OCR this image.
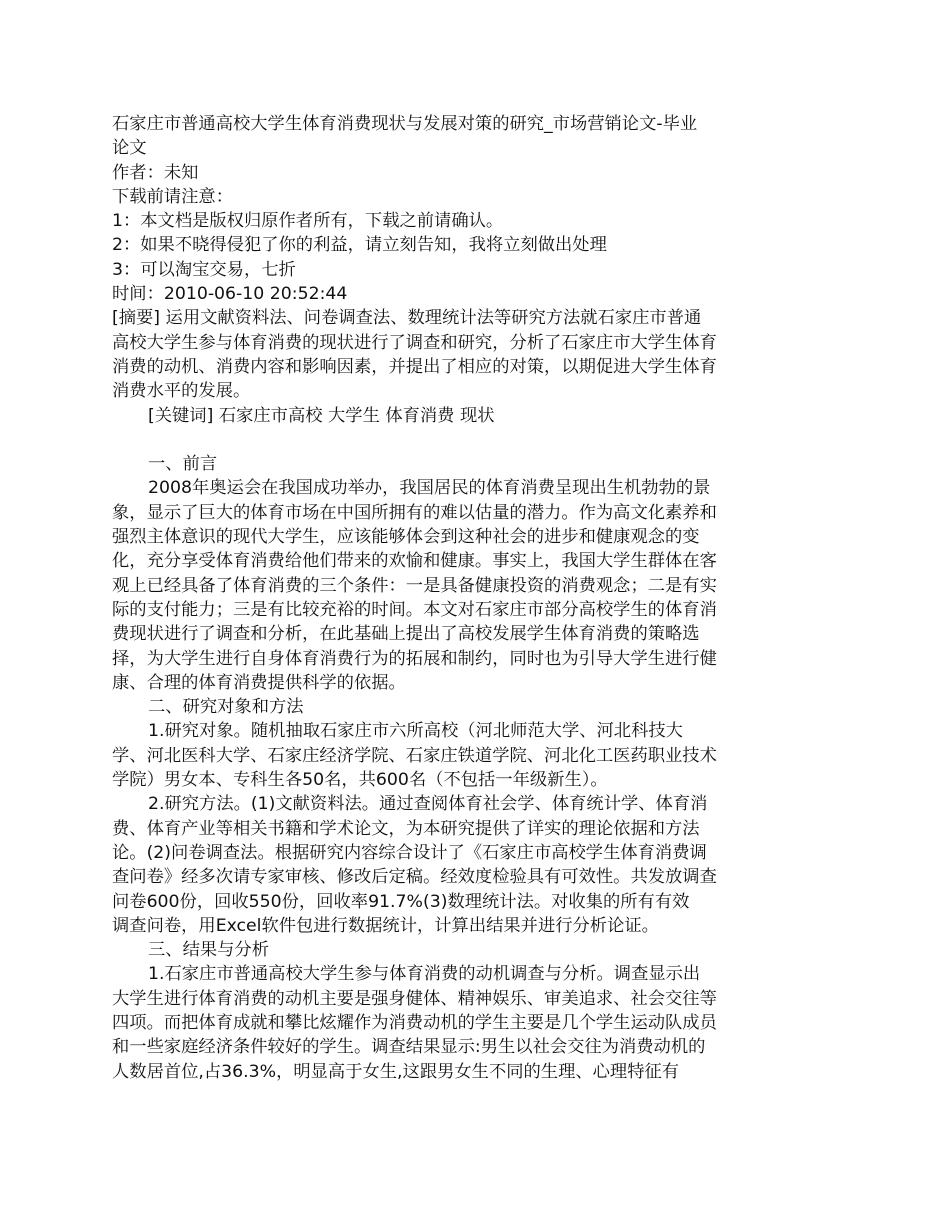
石家庄市普通高校大学生体育消费现状与发展对策的研究_市场营销论文-毕业
论文
作者：未知
下载前请注意：
1：本文档是版权归原作者所有，下载之前请确认。
2：如果不晓得侵犯了你的利益，请立刻告知，我将立刻做出处理
3：可以淘宝交易，七折
时间：2010-06-10 20:52:44
[摘要] 运用文献资料法、问卷调查法、数理统计法等研究方法就石家庄市普通
高校大学生参与体育消费的现状进行了调查和研究，分析了石家庄市大学生体育
消费的动机、消费内容和影响因素，并提出了相应的对策，以期促进大学生体育
消费水平的发展。
[关键词] 石家庄市高校 大学生 体育消费 现状
一、前言
2008年奥运会在我国成功举办，我国居民的体育消费呈现出生机勃勃的景
象，显示了巨大的体育市场在中国所拥有的难以估量的潜力。作为高文化素养和
强烈主体意识的现代大学生，应该能够体会到这种社会的进步和健康观念的变
化，充分享受体育消费给他们带来的欢愉和健康。事实上，我国大学生群体在客
观上已经具备了体育消费的三个条件：一是具备健康投资的消费观念；二是有实
际的支付能力；三是有比较充裕的时间。本文对石家庄市部分高校学生的体育消
费现状进行了调查和分析，在此基础上提出了高校发展学生体育消费的策略选
择，为大学生进行自身体育消费行为的拓展和制约，同时也为引导大学生进行健
康、合理的体育消费提供科学的依据。
二、研究对象和方法
1.研究对象。随机抽取石家庄市六所高校（河北师范大学、河北科技大
学、河北医科大学、石家庄经济学院、石家庄铁道学院、河北化工医药职业技术
学院）男女本、专科生各50名，共600名（不包括一年级新生）。
2.研究方法。(1)文献资料法。通过查阅体育社会学、体育统计学、体育消
费、体育产业等相关书籍和学术论文，为本研究提供了详实的理论依据和方法
论。(2)问卷调查法。根据研究内容综合设计了《石家庄市高校学生体育消费调
查问卷》经多次请专家审核、修改后定稿。经效度检验具有可效性。共发放调查
问卷600份，回收550份，回收率91.7%(3)数理统计法。对收集的所有有效
调查问卷，用Excel软件包进行数据统计，计算出结果并进行分析论证。
三、结果与分析
1.石家庄市普通高校大学生参与体育消费的动机调查与分析。调查显示出
大学生进行体育消费的动机主要是强身健体、精神娱乐、审美追求、社会交往等
四项。而把体育成就和攀比炫耀作为消费动机的学生主要是几个学生运动队成员
和一些家庭经济条件较好的学生。调查结果显示:男生以社会交往为消费动机的
人数居首位,占36.3%，明显高于女生,这跟男女生不同的生理、心理特征有
